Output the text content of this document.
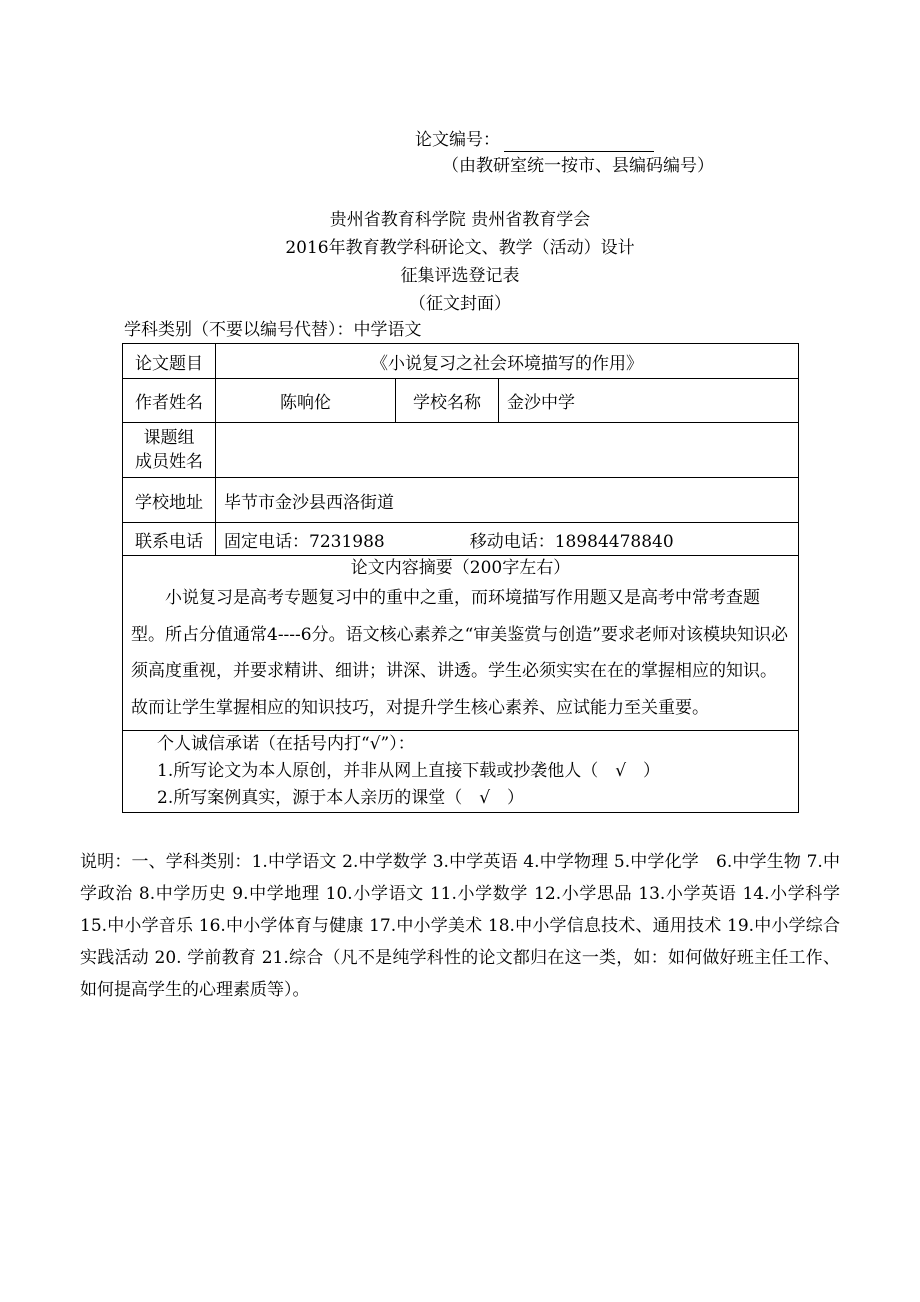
论文编号：
（由教研室统一按市、县编码编号）
贵州省教育科学院 贵州省教育学会
2016年教育教学科研论文、教学（活动）设计
征集评选登记表
（征文封面）
学科类别（不要以编号代替）：中学语文
论文题目	《小说复习之社会环境描写的作用》		
作者姓名	陈响伦	学校名称	金沙中学
课题组
成员姓名			
学校地址	毕节市金沙县西洛街道		
联系电话	固定电话：7231988 移动电话：18984478840		

论文内容摘要（200字左右）
小说复习是高考专题复习中的重中之重，而环境描写作用题又是高考中常考查题型。所占分值通常4----6分。语文核心素养之“审美鉴赏与创造”要求老师对该模块知识必须高度重视，并要求精讲、细讲；讲深、讲透。学生必须实实在在的掌握相应的知识。故而让学生掌握相应的知识技巧，对提升学生核心素养、应试能力至关重要。			

个人诚信承诺（在括号内打“√”）：
1.所写论文为本人原创，并非从网上直接下载或抄袭他人（　√　）
2.所写案例真实，源于本人亲历的课堂（　√　）			
说明：一、学科类别：1.中学语文 2.中学数学 3.中学英语 4.中学物理 5.中学化学　6.中学生物 7.中学政治 8.中学历史 9.中学地理 10.小学语文 11.小学数学 12.小学思品 13.小学英语 14.小学科学 15.中小学音乐 16.中小学体育与健康 17.中小学美术 18.中小学信息技术、通用技术 19.中小学综合实践活动 20. 学前教育 21.综合（凡不是纯学科性的论文都归在这一类，如：如何做好班主任工作、如何提高学生的心理素质等）。
